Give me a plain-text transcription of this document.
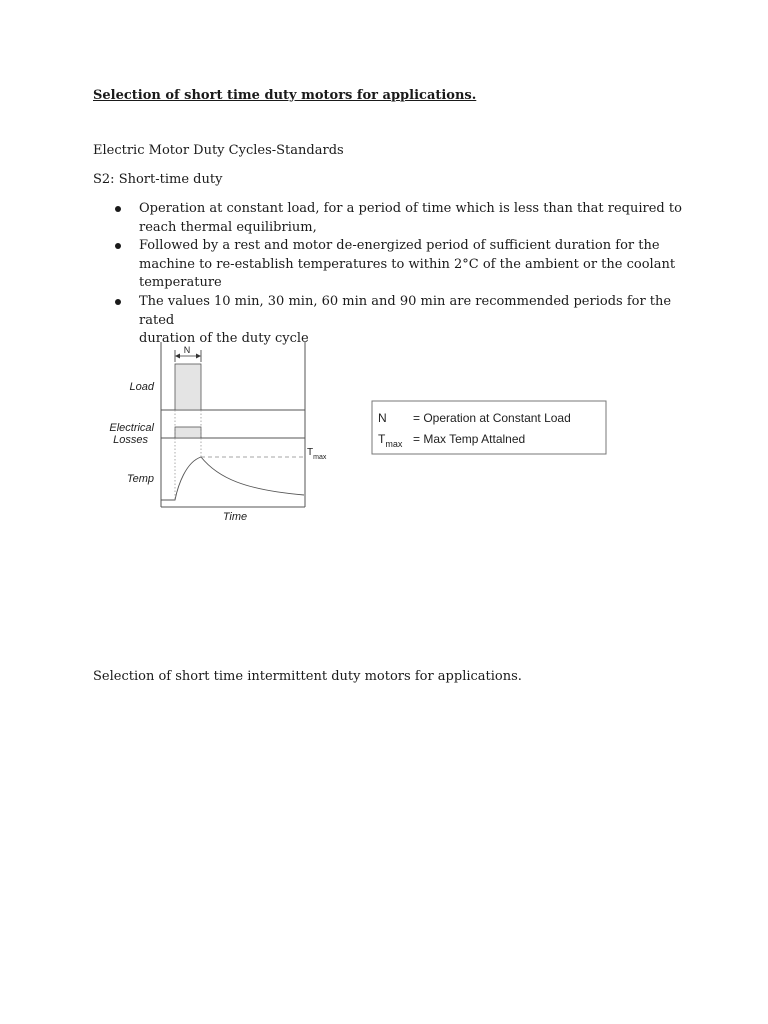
Selection of short time duty motors for applications.
Electric Motor Duty Cycles-Standards
S2: Short-time duty
Operation at constant load, for a period of time which is less than that required to
reach thermal equilibrium,
Followed by a rest and motor de-energized period of sufficient duration for the
machine to re-establish temperatures to within 2°C of the ambient or the coolant
temperature
The values 10 min, 30 min, 60 min and 90 min are recommended periods for the rated
duration of the duty cycle
N
Load
Electrical
Losses
Temp
Time
$T_{max}$
N = Operation at Constant Load
$T_{max}$ = Max Temp Attalned
Selection of short time intermittent duty motors for applications.
